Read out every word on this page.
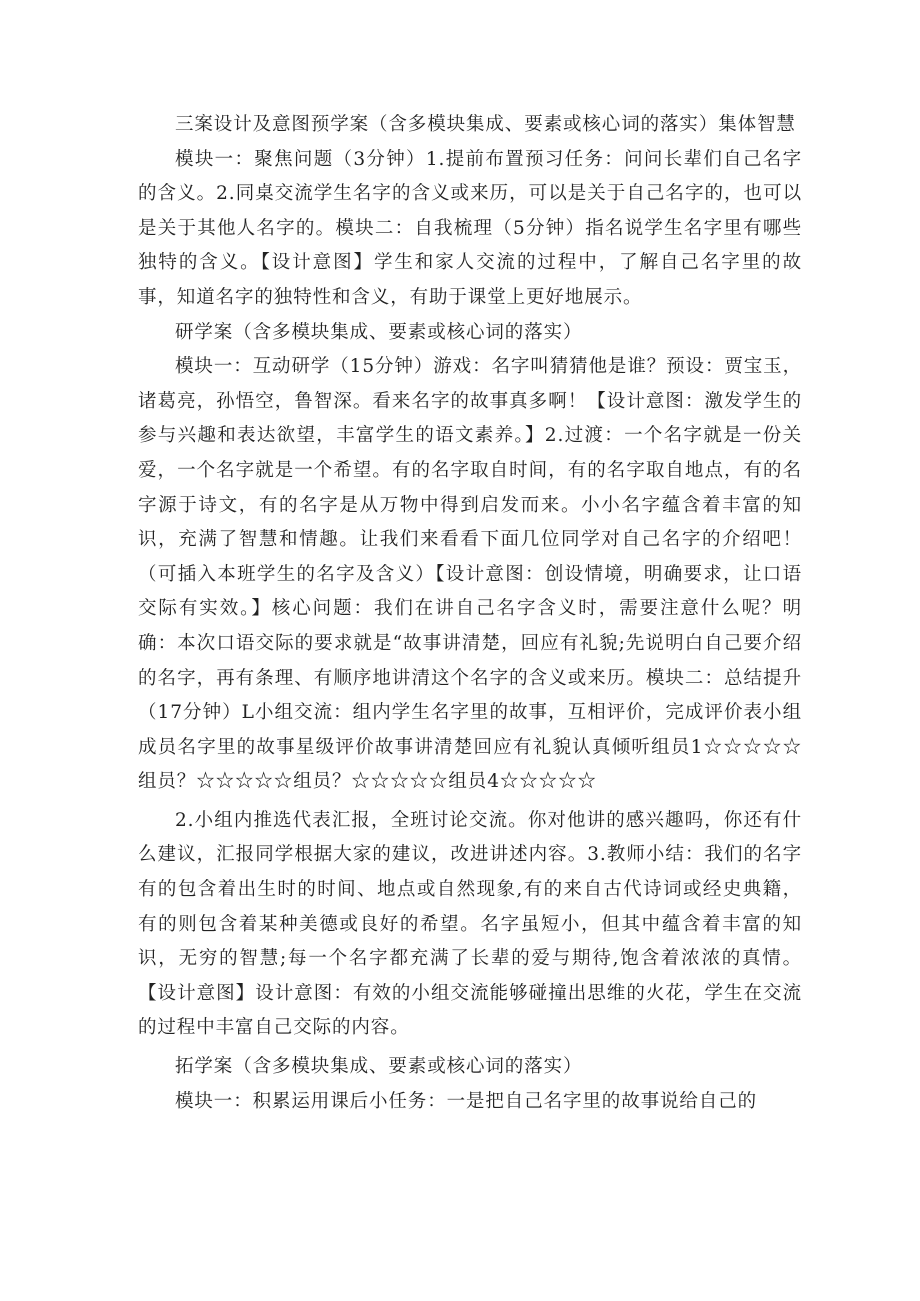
三案设计及意图预学案（含多模块集成、要素或核心词的落实）集体智慧

模块一：聚焦问题（3分钟）1.提前布置预习任务：问问长辈们自己名字的含义。2.同桌交流学生名字的含义或来历，可以是关于自己名字的，也可以是关于其他人名字的。模块二：自我梳理（5分钟）指名说学生名字里有哪些独特的含义。【设计意图】学生和家人交流的过程中，了解自己名字里的故事，知道名字的独特性和含义，有助于课堂上更好地展示。

研学案（含多模块集成、要素或核心词的落实）

模块一：互动研学（15分钟）游戏：名字叫猜猜他是谁？预设：贾宝玉，诸葛亮，孙悟空，鲁智深。看来名字的故事真多啊！【设计意图：激发学生的参与兴趣和表达欲望，丰富学生的语文素养。】2.过渡：一个名字就是一份关爱，一个名字就是一个希望。有的名字取自时间，有的名字取自地点，有的名字源于诗文，有的名字是从万物中得到启发而来。小小名字蕴含着丰富的知识，充满了智慧和情趣。让我们来看看下面几位同学对自己名字的介绍吧！（可插入本班学生的名字及含义）【设计意图：创设情境，明确要求，让口语交际有实效。】核心问题：我们在讲自己名字含义时，需要注意什么呢？明确：本次口语交际的要求就是“故事讲清楚，回应有礼貌;先说明白自己要介绍的名字，再有条理、有顺序地讲清这个名字的含义或来历。模块二：总结提升（17分钟）L小组交流：组内学生名字里的故事，互相评价，完成评价表小组成员名字里的故事星级评价故事讲清楚回应有礼貌认真倾听组员1☆☆☆☆☆组员？☆☆☆☆☆组员？☆☆☆☆☆组员4☆☆☆☆☆

2.小组内推选代表汇报，全班讨论交流。你对他讲的感兴趣吗，你还有什么建议，汇报同学根据大家的建议，改进讲述内容。3.教师小结：我们的名字有的包含着出生时的时间、地点或自然现象,有的来自古代诗词或经史典籍，有的则包含着某种美德或良好的希望。名字虽短小，但其中蕴含着丰富的知识，无穷的智慧;每一个名字都充满了长辈的爱与期待,饱含着浓浓的真情。【设计意图】设计意图：有效的小组交流能够碰撞出思维的火花，学生在交流的过程中丰富自己交际的内容。

拓学案（含多模块集成、要素或核心词的落实）

模块一：积累运用课后小任务：一是把自己名字里的故事说给自己的
